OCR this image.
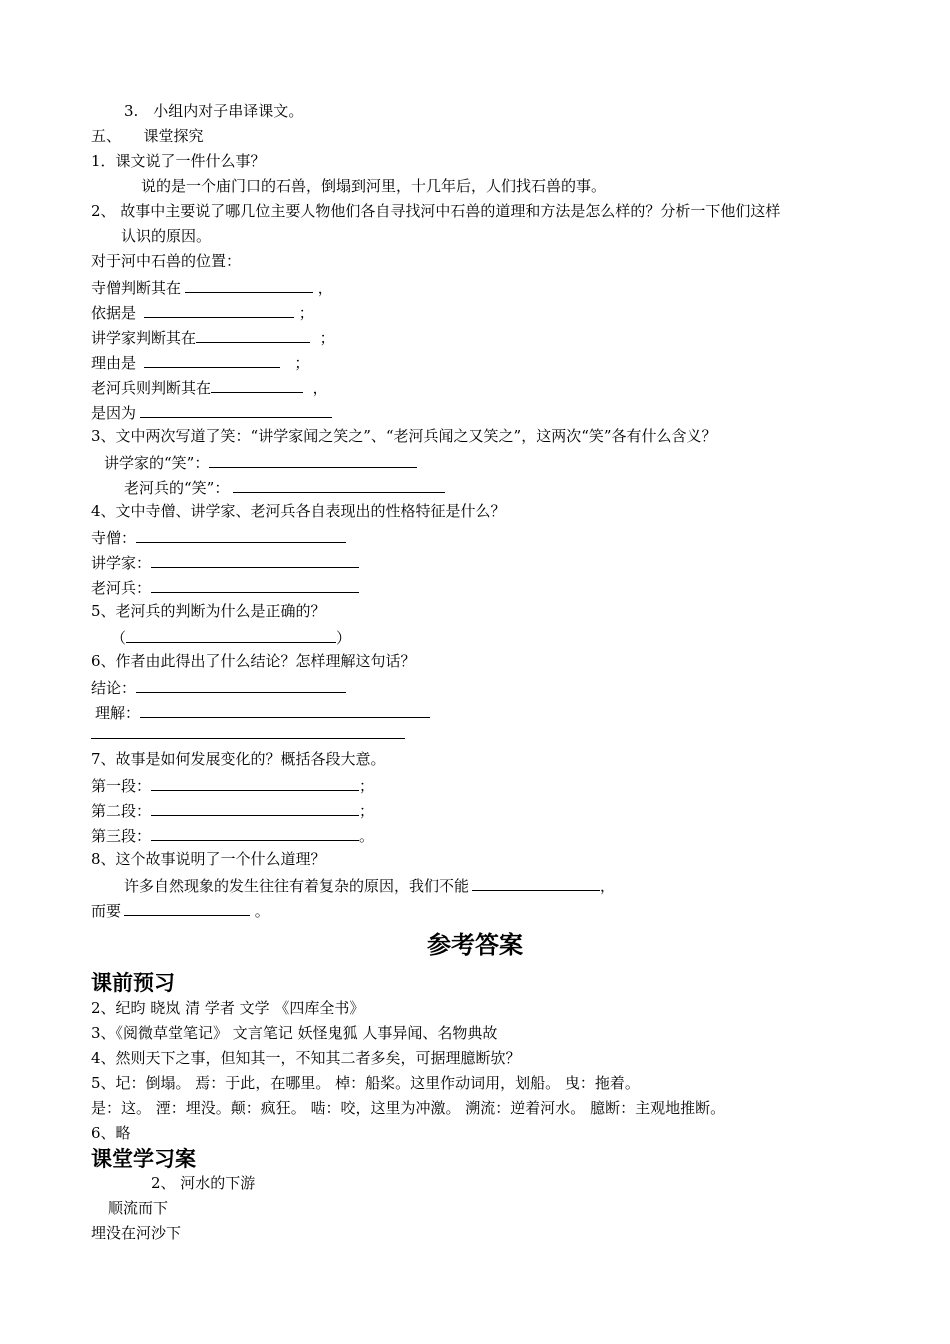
3.　小组内对子串译课文。
五、　　课堂探究
1．课文说了一件什么事？
说的是一个庙门口的石兽，倒塌到河里，十几年后，人们找石兽的事。
2、 故事中主要说了哪几位主要人物他们各自寻找河中石兽的道理和方法是怎么样的？分析一下他们这样
认识的原因。
对于河中石兽的位置：
寺僧判断其在	，
依据是	；
讲学家判断其在	；
理由是	；
老河兵则判断其在	，
是因为
3、文中两次写道了笑：“讲学家闻之笑之”、“老河兵闻之又笑之”，这两次“笑”各有什么含义？
讲学家的“笑”：
老河兵的“笑”：
4、文中寺僧、讲学家、老河兵各自表现出的性格特征是什么？
寺僧：
讲学家：
老河兵：
5、老河兵的判断为什么是正确的？
（	）
6、作者由此得出了什么结论？怎样理解这句话？
结论：
理解：
7、故事是如何发展变化的？概括各段大意。
第一段：	；
第二段：	；
第三段：	。
8、这个故事说明了一个什么道理？
许多自然现象的发生往往有着复杂的原因，我们不能	，
而要	。
参考答案
课前预习
2、纪昀 晓岚 清 学者 文学 《四库全书》
3、《阅微草堂笔记》 文言笔记 妖怪鬼狐 人事异闻、名物典故
4、然则天下之事，但知其一，不知其二者多矣，可据理臆断欤？
5、圮：倒塌。 焉：于此，在哪里。 棹：船桨。这里作动词用，划船。 曳：拖着。
是：这。 湮：埋没。颠：疯狂。 啮：咬，这里为冲激。 溯流：逆着河水。 臆断：主观地推断。
6、略
课堂学习案
2、 河水的下游
顺流而下
埋没在河沙下
